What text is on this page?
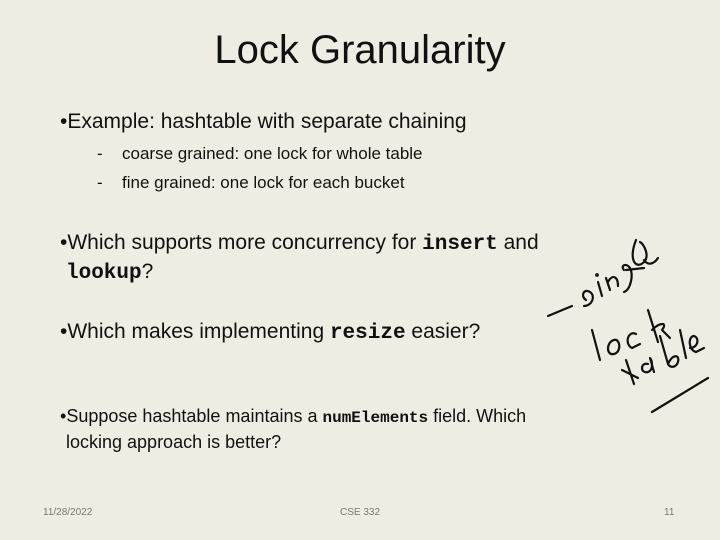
Lock Granularity
•Example: hashtable with separate chaining
- coarse grained: one lock for whole table
- fine grained: one lock for each bucket
•Which supports more concurrency for insert and
lookup?
•Which makes implementing resize easier?
•Suppose hashtable maintains a numElements field. Which
locking approach is better?
11/28/2022	CSE 332	11
